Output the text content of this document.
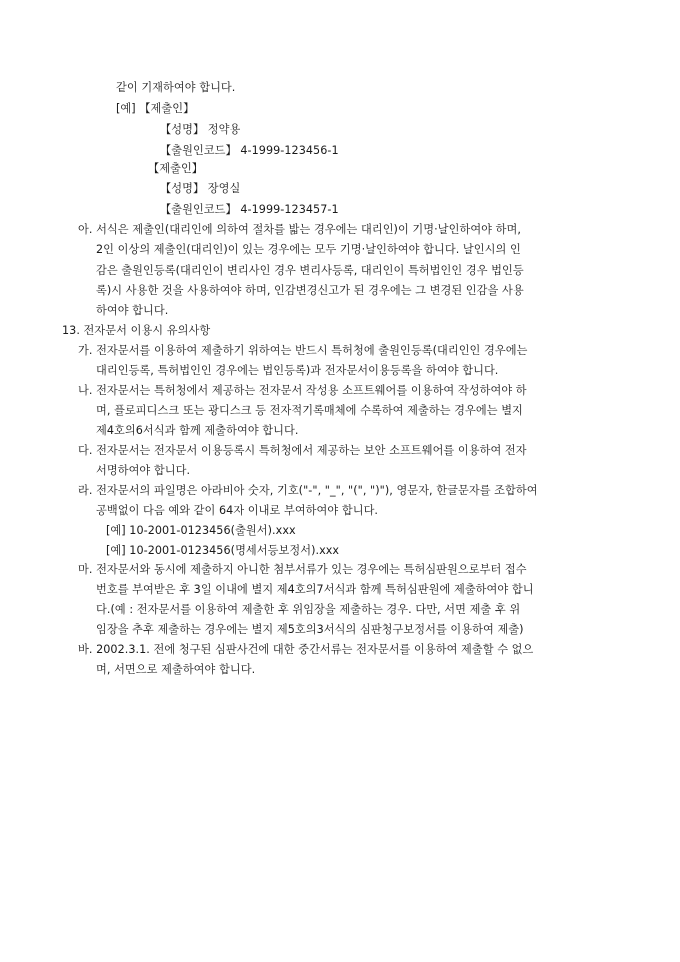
같이 기재하여야 합니다.
[예] 【제출인】
【성명】 정약용
【출원인코드】 4-1999-123456-1
【제출인】
【성명】 장영실
【출원인코드】 4-1999-123457-1
아. 서식은 제출인(대리인에 의하여 절차를 밟는 경우에는 대리인)이 기명·날인하여야 하며,
2인 이상의 제출인(대리인)이 있는 경우에는 모두 기명·날인하여야 합니다. 날인시의 인
감은 출원인등록(대리인이 변리사인 경우 변리사등록, 대리인이 특허법인인 경우 법인등
록)시 사용한 것을 사용하여야 하며, 인감변경신고가 된 경우에는 그 변경된 인감을 사용
하여야 합니다.
13. 전자문서 이용시 유의사항
가. 전자문서를 이용하여 제출하기 위하여는 반드시 특허청에 출원인등록(대리인인 경우에는
대리인등록, 특허법인인 경우에는 법인등록)과 전자문서이용등록을 하여야 합니다.
나. 전자문서는 특허청에서 제공하는 전자문서 작성용 소프트웨어를 이용하여 작성하여야 하
며, 플로피디스크 또는 광디스크 등 전자적기록매체에 수록하여 제출하는 경우에는 별지
제4호의6서식과 함께 제출하여야 합니다.
다. 전자문서는 전자문서 이용등록시 특허청에서 제공하는 보안 소프트웨어를 이용하여 전자
서명하여야 합니다.
라. 전자문서의 파일명은 아라비아 숫자, 기호("-", "_", "(", ")"), 영문자, 한글문자를 조합하여
공백없이 다음 예와 같이 64자 이내로 부여하여야 합니다.
[예] 10-2001-0123456(출원서).xxx
[예] 10-2001-0123456(명세서등보정서).xxx
마. 전자문서와 동시에 제출하지 아니한 첨부서류가 있는 경우에는 특허심판원으로부터 접수
번호를 부여받은 후 3일 이내에 별지 제4호의7서식과 함께 특허심판원에 제출하여야 합니
다.(예 : 전자문서를 이용하여 제출한 후 위임장을 제출하는 경우. 다만, 서면 제출 후 위
임장을 추후 제출하는 경우에는 별지 제5호의3서식의 심판청구보정서를 이용하여 제출)
바. 2002.3.1. 전에 청구된 심판사건에 대한 중간서류는 전자문서를 이용하여 제출할 수 없으
며, 서면으로 제출하여야 합니다.
